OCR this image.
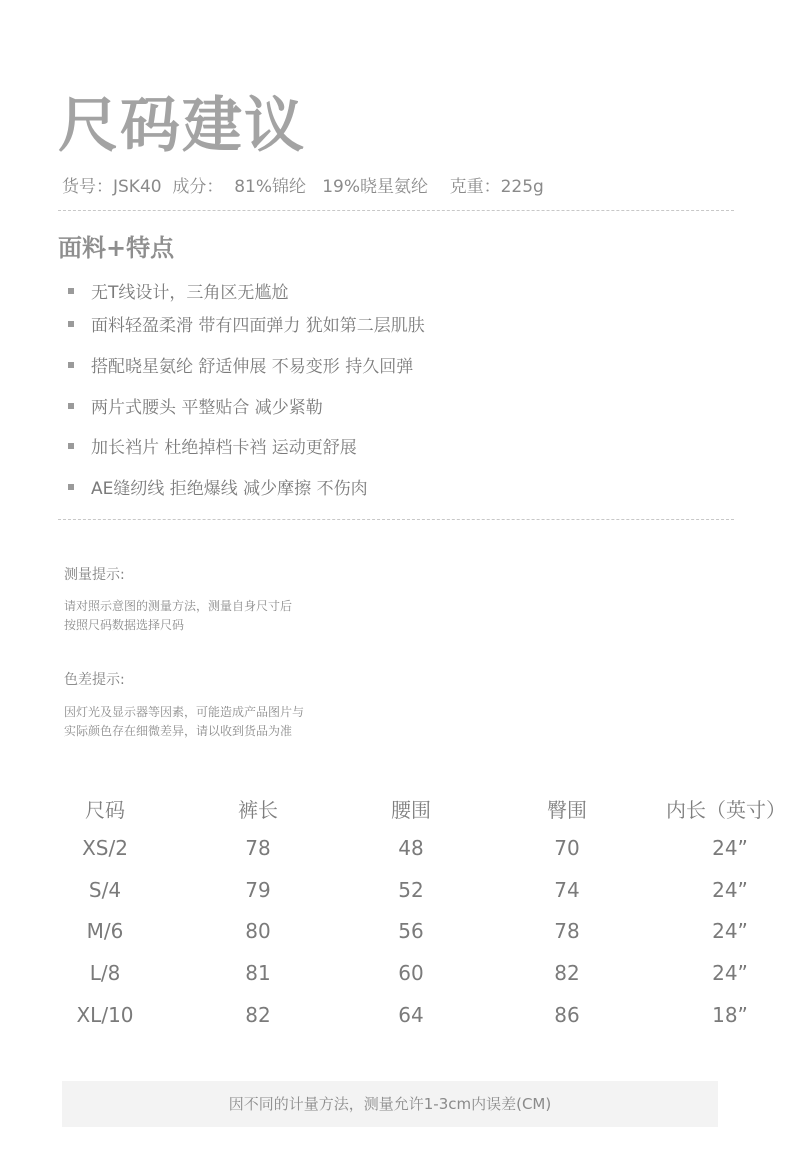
尺码建议
货号：JSK40  成分：  81%锦纶   19%晓星氨纶    克重：225g
面料+特点
无T线设计，三角区无尴尬
面料轻盈柔滑 带有四面弹力 犹如第二层肌肤
搭配晓星氨纶 舒适伸展 不易变形 持久回弹
两片式腰头 平整贴合 减少紧勒
加长裆片 杜绝掉档卡裆 运动更舒展
AE缝纫线 拒绝爆线 减少摩擦 不伤肉
测量提示:
请对照示意图的测量方法，测量自身尺寸后
按照尺码数据选择尺码
色差提示:
因灯光及显示器等因素，可能造成产品图片与
实际颜色存在细微差异，请以收到货品为准
尺码	裤长	腰围	臀围	内长（英寸）
XS/2	78	48	70	24”
S/4	79	52	74	24”
M/6	80	56	78	24”
L/8	81	60	82	24”
XL/10	82	64	86	18”
因不同的计量方法，测量允许1-3cm内误差(CM)
